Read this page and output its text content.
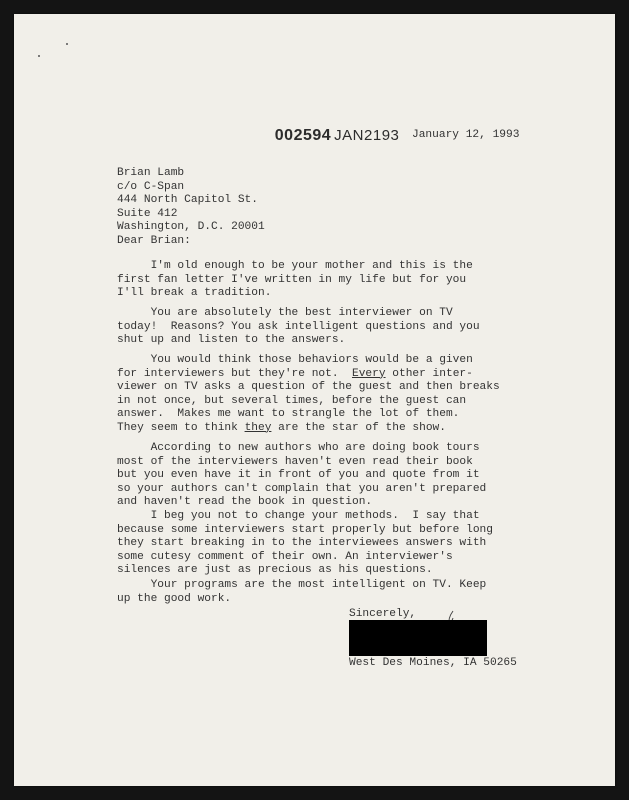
002594 JAN2193
January 12, 1993
Brian Lamb
c/o C-Span
444 North Capitol St.
Suite 412
Washington, D.C. 20001
Dear Brian:
I'm old enough to be your mother and this is the
first fan letter I've written in my life but for you
I'll break a tradition.
You are absolutely the best interviewer on TV
today!  Reasons? You ask intelligent questions and you
shut up and listen to the answers.
You would think those behaviors would be a given
for interviewers but they're not.  Every other inter-
viewer on TV asks a question of the guest and then breaks
in not once, but several times, before the guest can
answer.  Makes me want to strangle the lot of them.
They seem to think they are the star of the show.
According to new authors who are doing book tours
most of the interviewers haven't even read their book
but you even have it in front of you and quote from it
so your authors can't complain that you aren't prepared
and haven't read the book in question.
I beg you not to change your methods.  I say that
because some interviewers start properly but before long
they start breaking in to the interviewees answers with
some cutesy comment of their own. An interviewer's
silences are just as precious as his questions.
Your programs are the most intelligent on TV. Keep
up the good work.
Sincerely,
West Des Moines, IA 50265
